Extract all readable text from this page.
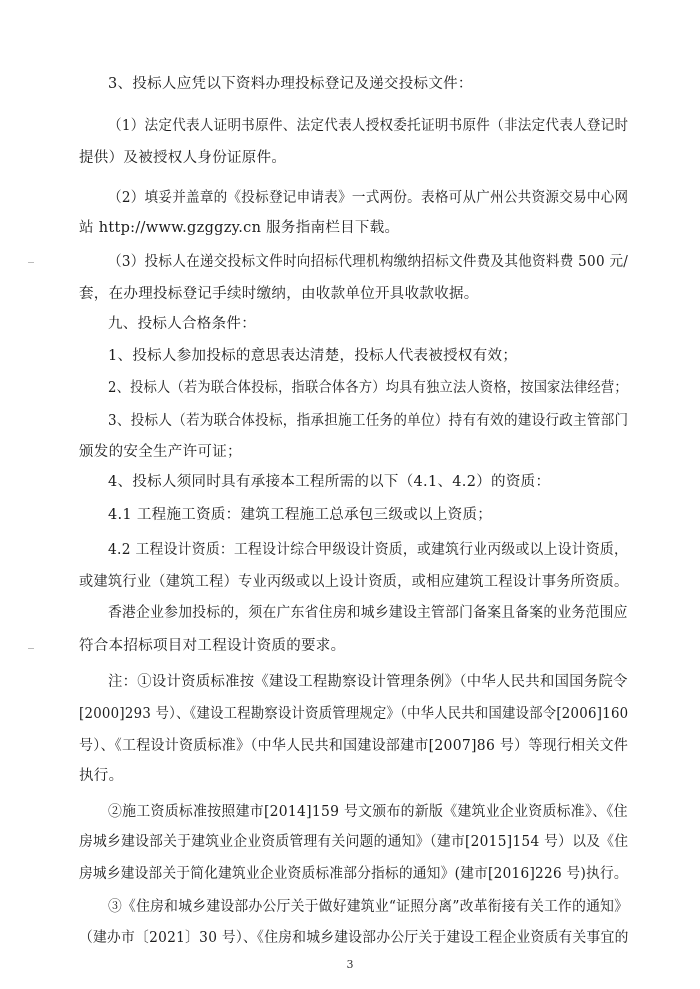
3、投标人应凭以下资料办理投标登记及递交投标文件：

（1）法定代表人证明书原件、法定代表人授权委托证明书原件（非法定代表人登记时

提供）及被授权人身份证原件。

（2）填妥并盖章的《投标登记申请表》一式两份。表格可从广州公共资源交易中心网

站 http://www.gzggzy.cn 服务指南栏目下载。

（3）投标人在递交投标文件时向招标代理机构缴纳招标文件费及其他资料费 500 元/

套，在办理投标登记手续时缴纳，由收款单位开具收款收据。

九、投标人合格条件：

1、投标人参加投标的意思表达清楚，投标人代表被授权有效；

2、投标人（若为联合体投标，指联合体各方）均具有独立法人资格，按国家法律经营；

3、投标人（若为联合体投标，指承担施工任务的单位）持有有效的建设行政主管部门

颁发的安全生产许可证；

4、投标人须同时具有承接本工程所需的以下（4.1、4.2）的资质：

4.1 工程施工资质：建筑工程施工总承包三级或以上资质；

4.2 工程设计资质：工程设计综合甲级设计资质，或建筑行业丙级或以上设计资质，

或建筑行业（建筑工程）专业丙级或以上设计资质，或相应建筑工程设计事务所资质。

香港企业参加投标的，须在广东省住房和城乡建设主管部门备案且备案的业务范围应

符合本招标项目对工程设计资质的要求。

注：①设计资质标准按《建设工程勘察设计管理条例》（中华人民共和国国务院令

[2000]293 号）、《建设工程勘察设计资质管理规定》（中华人民共和国建设部令[2006]160

号）、《工程设计资质标准》（中华人民共和国建设部建市[2007]86 号）等现行相关文件

执行。

②施工资质标准按照建市[2014]159 号文颁布的新版《建筑业企业资质标准》、《住

房城乡建设部关于建筑业企业资质管理有关问题的通知》（建市[2015]154 号）以及《住

房城乡建设部关于简化建筑业企业资质标准部分指标的通知》(建市[2016]226 号)执行。

③《住房和城乡建设部办公厅关于做好建筑业“证照分离”改革衔接有关工作的通知》

（建办市〔2021〕30 号）、《住房和城乡建设部办公厅关于建设工程企业资质有关事宜的

3
